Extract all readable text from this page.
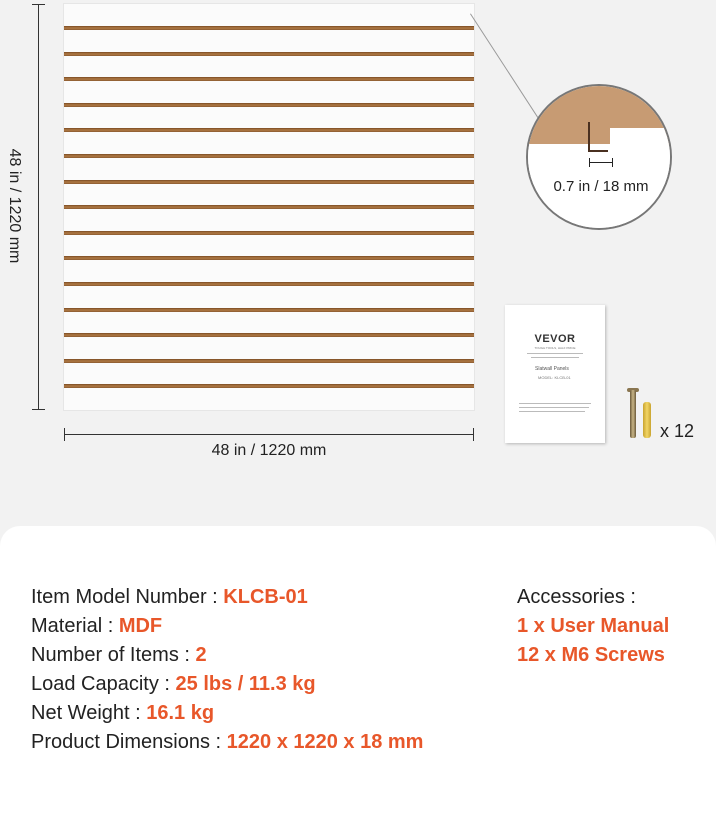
48 in / 1220 mm
48 in / 1220 mm
0.7 in / 18 mm
VEVOR
TOUGH TOOLS, HALF PRICE
Slatwall Panels
MODEL: KLCB-01
x 12
Item Model Number : KLCB-01
Material : MDF
Number of Items : 2
Load Capacity : 25 lbs / 11.3 kg
Net Weight : 16.1 kg
Product Dimensions : 1220 x 1220 x 18 mm
Accessories :
1 x User Manual
12 x M6 Screws
